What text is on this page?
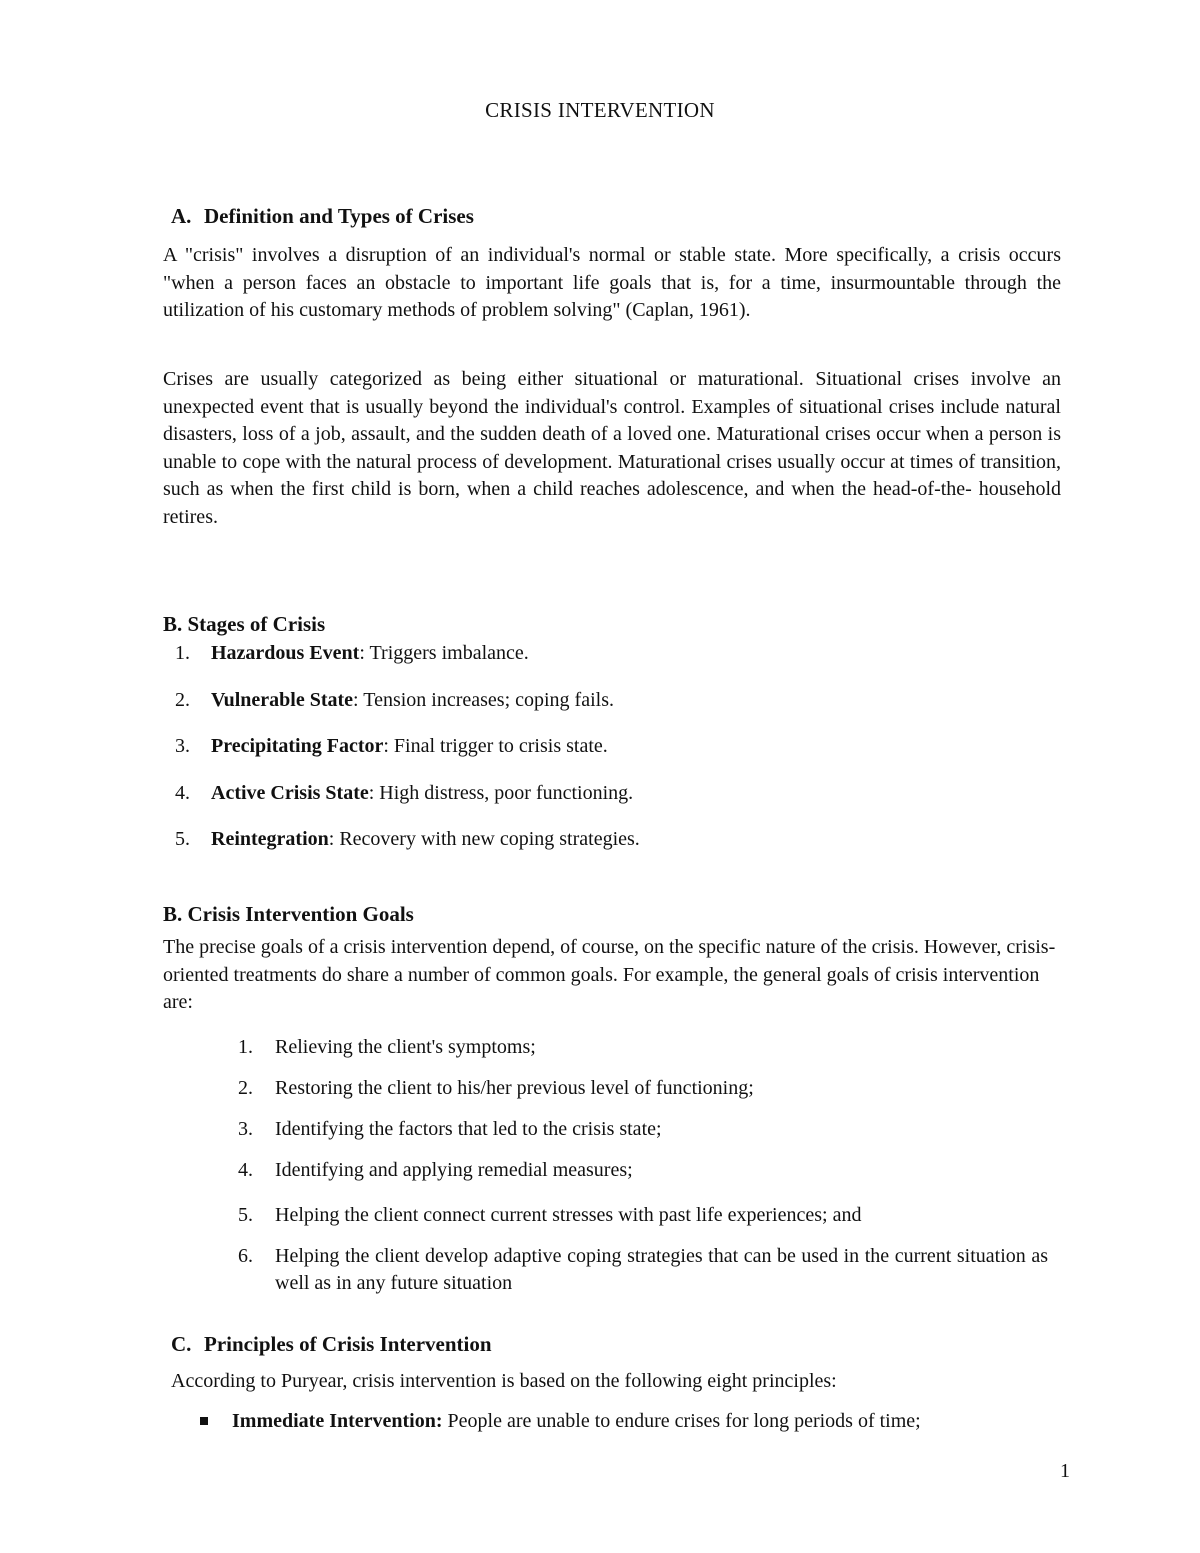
CRISIS INTERVENTION
A. Definition and Types of Crises
A "crisis" involves a disruption of an individual's normal or stable state. More specifically, a crisis occurs "when a person faces an obstacle to important life goals that is, for a time, insurmountable through the utilization of his customary methods of problem solving" (Caplan, 1961).
Crises are usually categorized as being either situational or maturational. Situational crises involve an unexpected event that is usually beyond the individual's control. Examples of situational crises include natural disasters, loss of a job, assault, and the sudden death of a loved one. Maturational crises occur when a person is unable to cope with the natural process of development. Maturational crises usually occur at times of transition, such as when the first child is born, when a child reaches adolescence, and when the head-of-the- household retires.
B. Stages of Crisis
1. Hazardous Event: Triggers imbalance.
2. Vulnerable State: Tension increases; coping fails.
3. Precipitating Factor: Final trigger to crisis state.
4. Active Crisis State: High distress, poor functioning.
5. Reintegration: Recovery with new coping strategies.
B. Crisis Intervention Goals
The precise goals of a crisis intervention depend, of course, on the specific nature of the crisis. However, crisis-oriented treatments do share a number of common goals. For example, the general goals of crisis intervention are:
1. Relieving the client's symptoms;
2. Restoring the client to his/her previous level of functioning;
3. Identifying the factors that led to the crisis state;
4. Identifying and applying remedial measures;
5. Helping the client connect current stresses with past life experiences; and
6. Helping the client develop adaptive coping strategies that can be used in the current situation as well as in any future situation
C. Principles of Crisis Intervention
According to Puryear, crisis intervention is based on the following eight principles:
Immediate Intervention: People are unable to endure crises for long periods of time;
1
